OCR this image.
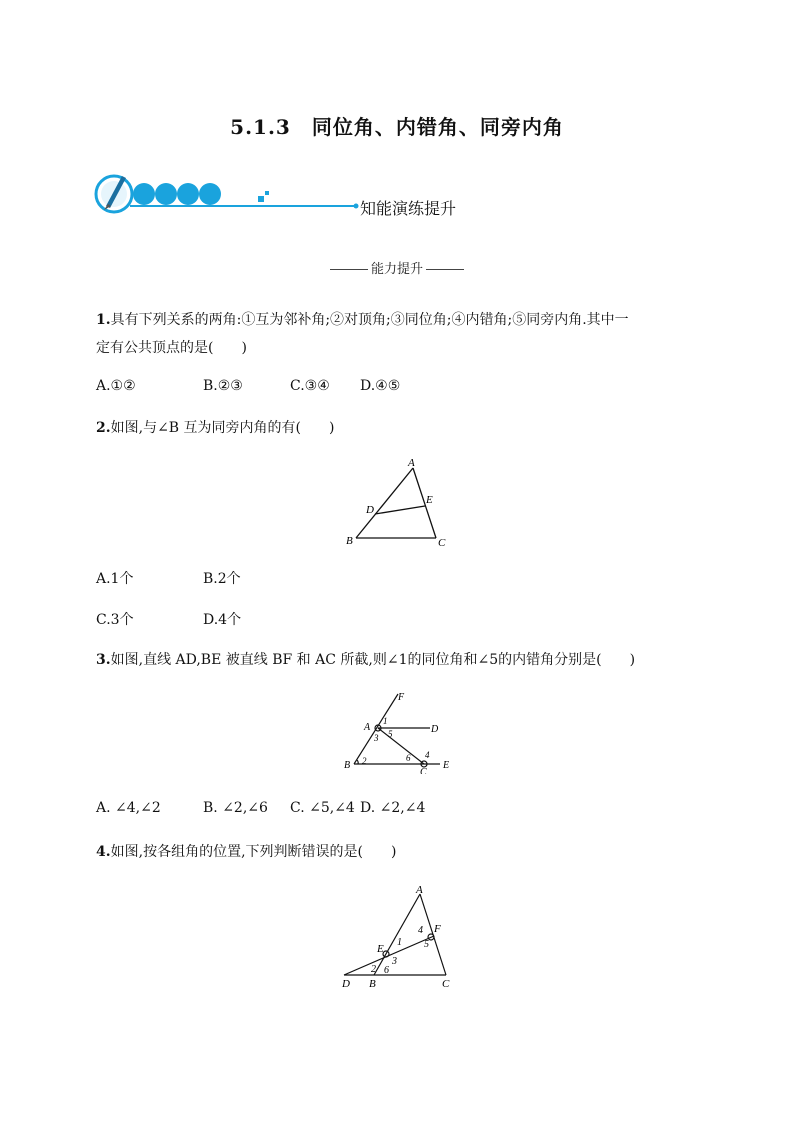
5.1.3　同位角、内错角、同旁内角
知能演练提升
能力提升
1.具有下列关系的两角:①互为邻补角;②对顶角;③同位角;④内错角;⑤同旁内角.其中一
定有公共顶点的是(　　)
A.①②	B.②③	C.③④ D.④⑤
2.如图,与∠B 互为同旁内角的有(　　)
A
B	C
D
E
A.1个	B.2个
C.3个	D.4个
3.如图,直线 AD,BE 被直线 BF 和 AC 所截,则∠1的同位角和∠5的内错角分别是(　　)
F
A	D
B
C
E
1
2
3
4
5
6
A. ∠4,∠2	B. ∠2,∠6 C. ∠5,∠4 D. ∠2,∠4
4.如图,按各组角的位置,下列判断错误的是(　　)
A
F
E
D B	C
1
2
3
4
5
6
